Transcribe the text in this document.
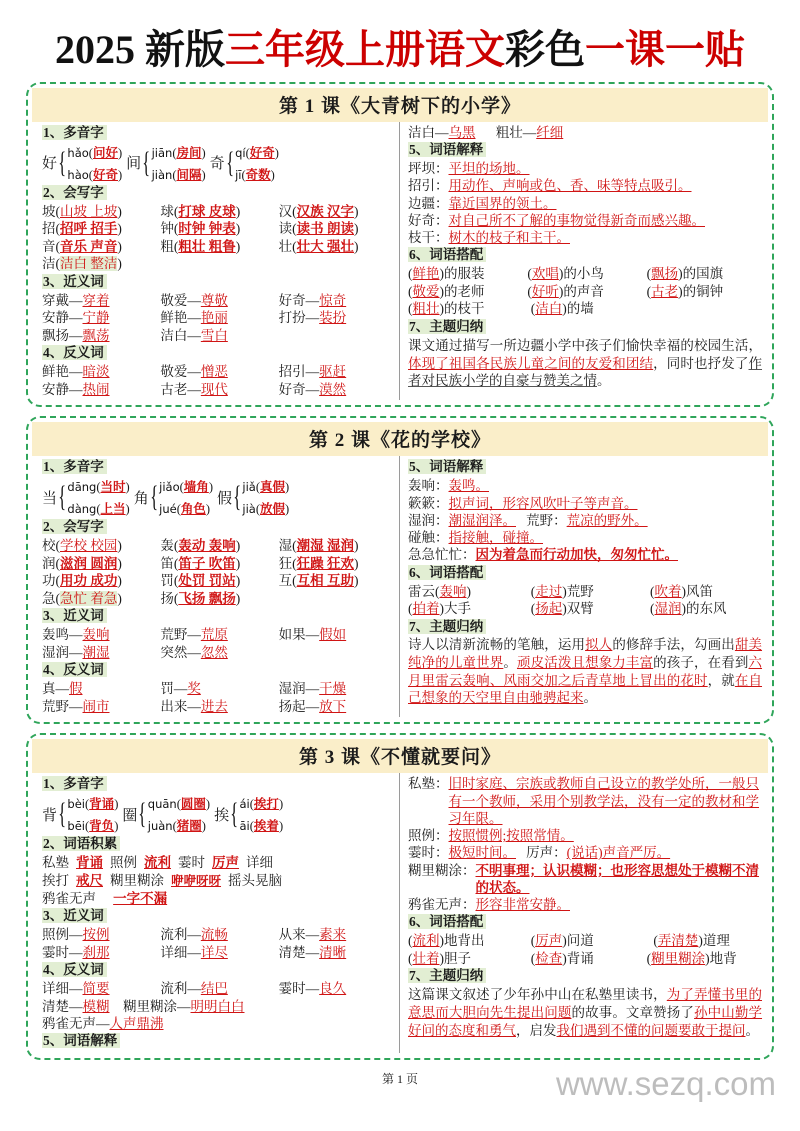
2025 新版三年级上册语文彩色一课一贴
第 1 课《大青树下的小学》
1、多音字
好 { hǎo(问好)
hào(好奇)
间 { jiān(房间)
jiàn(间隔)
奇 { qí(好奇)
jī(奇数)
2、会写字
坡(山坡 上坡)	球(打球 皮球)	汉(汉族 汉字)
招(招呼 招手)	钟(时钟 钟表)	读(读书 朗读)
音(音乐 声音)	粗(粗壮 粗鲁)	壮(壮大 强壮)
洁(洁白 整洁)
3、近义词
穿戴—穿着	敬爱—尊敬	好奇—惊奇
安静—宁静	鲜艳—艳丽	打扮—装扮
飘扬—飘荡	洁白—雪白
4、反义词
鲜艳—暗淡	敬爱—憎恶	招引—驱赶
安静—热闹	古老—现代	好奇—漠然
洁白—乌黑 粗壮—纤细
5、词语解释
坪坝： 平坦的场地。
招引： 用动作、声响或色、香、味等特点吸引。
边疆： 靠近国界的领土。
好奇： 对自己所不了解的事物觉得新奇而感兴趣。
枝干： 树木的枝子和主干。
6、词语搭配
(鲜艳)的服装	(欢唱)的小鸟	(飘扬)的国旗
(敬爱)的老师	(好听)的声音	(古老)的铜钟
(粗壮)的枝干	(洁白)的墙
7、主题归纳
课文通过描写一所边疆小学中孩子们愉快幸福的校园生活，体现了祖国各民族儿童之间的友爱和团结，同时也抒发了作者对民族小学的自豪与赞美之情。
第 2 课《花的学校》
1、多音字
当 { dāng(当时)
dàng(上当)
角 { jiǎo(墙角)
jué(角色)
假 { jiǎ(真假)
jià(放假)
2、会写字
校(学校 校园)	轰(轰动 轰响)	湿(潮湿 湿润)
润(滋润 圆润)	笛(笛子 吹笛)	狂(狂躁 狂欢)
功(用功 成功)	罚(处罚 罚站)	互(互相 互助)
急(急忙 着急)	扬(飞扬 飘扬)
3、近义词
轰鸣—轰响	荒野—荒原	如果—假如
湿润—潮湿	突然—忽然
4、反义词
真—假	罚—奖	湿润—干燥
荒野—闹市	出来—进去	扬起—放下
5、词语解释
轰响： 轰鸣。
簌簌： 拟声词，形容风吹叶子等声音。
湿润：潮湿润泽。 荒野：荒凉的野外。
碰触： 指接触，碰撞。
急急忙忙： 因为着急而行动加快，匆匆忙忙。
6、词语搭配
雷云(轰响)	(走过)荒野	(吹着)风笛
(拍着)大手	(扬起)双臂	(湿润)的东风
7、主题归纳
诗人以清新流畅的笔触，运用拟人的修辞手法，勾画出甜美纯净的儿童世界。顽皮活泼且想象力丰富的孩子，在看到六月里雷云轰响、风雨交加之后青草地上冒出的花时，就在自己想象的天空里自由驰骋起来。
第 3 课《不懂就要问》
1、多音字
背 { bèi(背诵)
bēi(背负)
圈 { quān(圆圈)
juàn(猪圈)
挨 { ái(挨打)
āi(挨着)
2、词语积累
私塾 背诵 照例 流利 霎时 厉声 详细
挨打 戒尺 糊里糊涂 咿咿呀呀 摇头晃脑
鸦雀无声 一字不漏
3、近义词
照例—按例	流利—流畅	从来—素来
霎时—刹那	详细—详尽	清楚—清晰
4、反义词
详细—简要	流利—结巴	霎时—良久
清楚—模糊 糊里糊涂—明明白白
鸦雀无声—人声鼎沸
5、词语解释
私塾： 旧时家庭、宗族或教师自己设立的教学处所，一般只有一个教师，采用个别教学法，没有一定的教材和学习年限。
照例： 按照惯例;按照常情。
霎时：极短时间。 厉声：(说话)声音严厉。
糊里糊涂： 不明事理；认识模糊；也形容思想处于模糊不清的状态。
鸦雀无声： 形容非常安静。
6、词语搭配
(流利)地背出	(厉声)问道	(弄清楚)道理
(壮着)胆子	(检查)背诵	(糊里糊涂)地背
7、主题归纳
这篇课文叙述了少年孙中山在私塾里读书，为了弄懂书里的意思而大胆向先生提出问题的故事。文章赞扬了孙中山勤学好问的态度和勇气，启发我们遇到不懂的问题要敢于提问。
第 1 页	www.sezq.com
